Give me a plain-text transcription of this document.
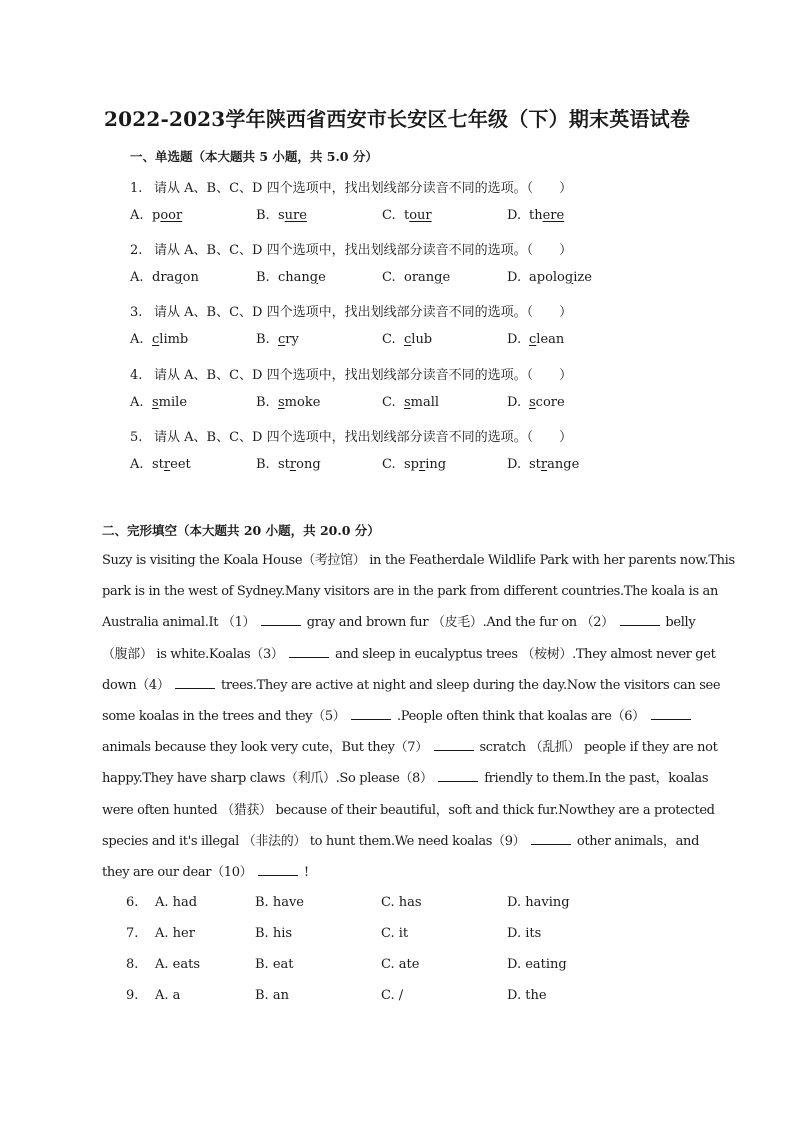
2022-2023学年陕西省西安市长安区七年级（下）期末英语试卷
一、单选题（本大题共 5 小题，共 5.0 分）
1. 请从 A、B、C、D 四个选项中，找出划线部分读音不同的选项。（　　）
A. poor	B. sure	C. tour	D. there
2. 请从 A、B、C、D 四个选项中，找出划线部分读音不同的选项。（　　）
A. dragon	B. change	C. orange	D. apologize
3. 请从 A、B、C、D 四个选项中，找出划线部分读音不同的选项。（　　）
A. climb	B. cry	C. club	D. clean
4. 请从 A、B、C、D 四个选项中，找出划线部分读音不同的选项。（　　）
A. smile	B. smoke	C. small	D. score
5. 请从 A、B、C、D 四个选项中，找出划线部分读音不同的选项。（　　）
A. street	B. strong	C. spring	D. strange
二、完形填空（本大题共 20 小题，共 20.0 分）
Suzy is visiting the Koala House（考拉馆） in the Featherdale Wildlife Park with her parents now.This
park is in the west of Sydney.Many visitors are in the park from different countries.The koala is an
Australia animal.It （1）	gray and brown fur （皮毛）.And the fur on （2）	belly
（腹部） is white.Koalas（3）	and sleep in eucalyptus trees （桉树）.They almost never get
down（4）	trees.They are active at night and sleep during the day.Now the visitors can see
some koalas in the trees and they（5）	.People often think that koalas are（6）
animals because they look very cute，But they（7）	scratch （乱抓） people if they are not
happy.They have sharp claws（利爪）.So please（8）	friendly to them.In the past，koalas
were often hunted （猎获） because of their beautiful，soft and thick fur.Nowthey are a protected
species and it's illegal （非法的） to hunt them.We need koalas（9）	other animals，and
they are our dear（10）	!
6. A. had	B. have	C. has	D. having
7. A. her	B. his	C. it	D. its
8. A. eats	B. eat	C. ate	D. eating
9. A. a	B. an	C. /	D. the
